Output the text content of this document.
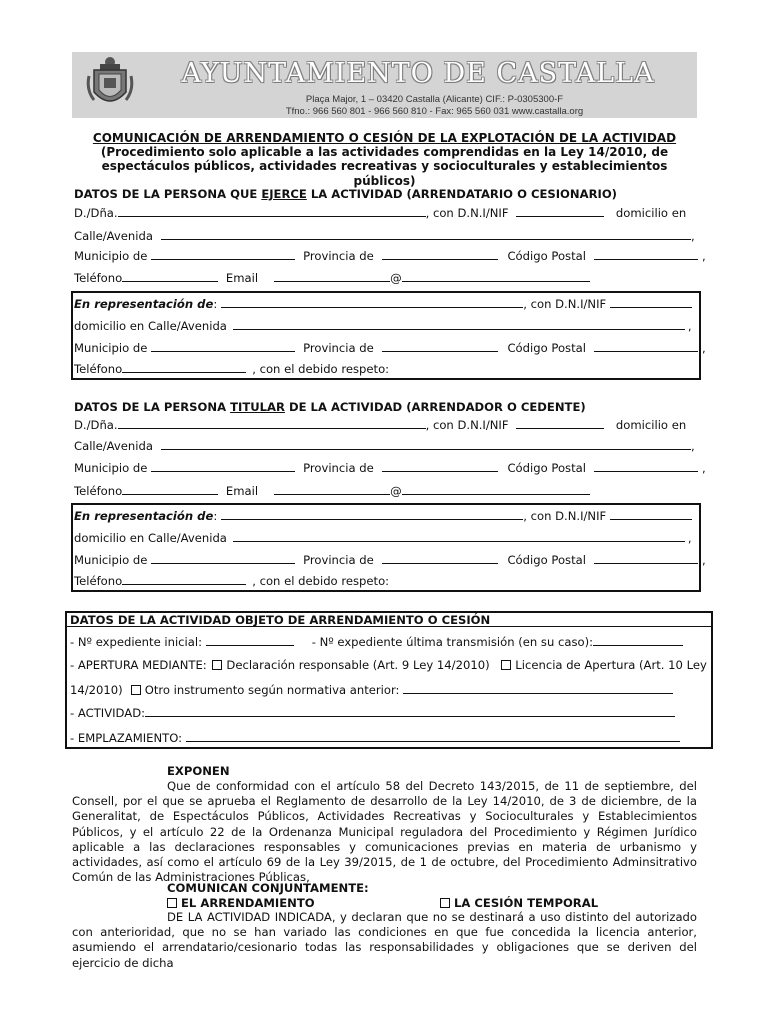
AYUNTAMIENTO DE CASTALLA
Plaça Major, 1 – 03420 Castalla (Alicante) CIF.: P-0305300-F
Tfno.: 966 560 801 - 966 560 810 - Fax: 965 560 031 www.castalla.org
COMUNICACIÓN DE ARRENDAMIENTO O CESIÓN DE LA EXPLOTACIÓN DE LA ACTIVIDAD
(Procedimiento solo aplicable a las actividades comprendidas en la Ley 14/2010, de
espectáculos públicos, actividades recreativas y socioculturales y establecimientos públicos)
DATOS DE LA PERSONA QUE EJERCE LA ACTIVIDAD (ARRENDATARIO O CESIONARIO)
D./Dña.	, con D.N.I/NIF	domicilio en
Calle/Avenida	,
Municipio de	Provincia de	Código Postal	,
Teléfono	Email	@
En representación de:	, con D.N.I/NIF
domicilio en Calle/Avenida	,
Municipio de	Provincia de	Código Postal	,
Teléfono	, con el debido respeto:
DATOS DE LA PERSONA TITULAR DE LA ACTIVIDAD (ARRENDADOR O CEDENTE)
D./Dña.	, con D.N.I/NIF	domicilio en
Calle/Avenida	,
Municipio de	Provincia de	Código Postal	,
Teléfono	Email	@
En representación de:	, con D.N.I/NIF
domicilio en Calle/Avenida	,
Municipio de	Provincia de	Código Postal	,
Teléfono	, con el debido respeto:
DATOS DE LA ACTIVIDAD OBJETO DE ARRENDAMIENTO O CESIÓN
- Nº expediente inicial:	- Nº expediente última transmisión (en su caso):
- APERTURA MEDIANTE: Declaración responsable (Art. 9 Ley 14/2010) Licencia de Apertura (Art. 10 Ley
14/2010) Otro instrumento según normativa anterior:
- ACTIVIDAD:
- EMPLAZAMIENTO:
EXPONEN
Que de conformidad con el artículo 58 del Decreto 143/2015, de 11 de septiembre, del Consell, por el que se aprueba el Reglamento de desarrollo de la Ley 14/2010, de 3 de diciembre, de la Generalitat, de Espectáculos Públicos, Actividades Recreativas y Socioculturales y Establecimientos Públicos, y el artículo 22 de la Ordenanza Municipal reguladora del Procedimiento y Régimen Jurídico aplicable a las declaraciones responsables y comunicaciones previas en materia de urbanismo y actividades, así como el artículo 69 de la Ley 39/2015, de 1 de octubre, del Procedimiento Adminsitrativo Común de las Administraciones Públicas,
COMUNICAN CONJUNTAMENTE:
EL ARRENDAMIENTO	LA CESIÓN TEMPORAL
DE LA ACTIVIDAD INDICADA, y declaran que no se destinará a uso distinto del autorizado con anterioridad, que no se han variado las condiciones en que fue concedida la licencia anterior, asumiendo el arrendatario/cesionario todas las responsabilidades y obligaciones que se deriven del ejercicio de dicha
